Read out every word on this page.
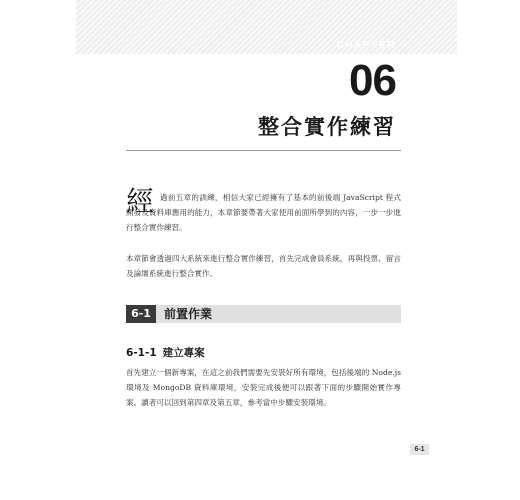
CHAPTER
06
整合實作練習
經 過前五章的訓練，相信大家已經擁有了基本的前後端 JavaScript 程式開發及資料庫應用的能力，本章節要帶著大家使用前面所學到的內容，一步一步進行整合實作練習。

本章節會透過四大系統來進行整合實作練習，首先完成會員系統，再與投票、留言及論壇系統進行整合實作。

6-1	前置作業
6-1-1 建立專案

首先建立一個新專案，在這之前我們需要先安裝好所有環境，包括後端的 Node.js 環境及 MongoDB 資料庫環境，安裝完成後便可以跟著下面的步驟開始實作專案。讀者可以回到第四章及第五章，參考當中步驟安裝環境。

6-1
